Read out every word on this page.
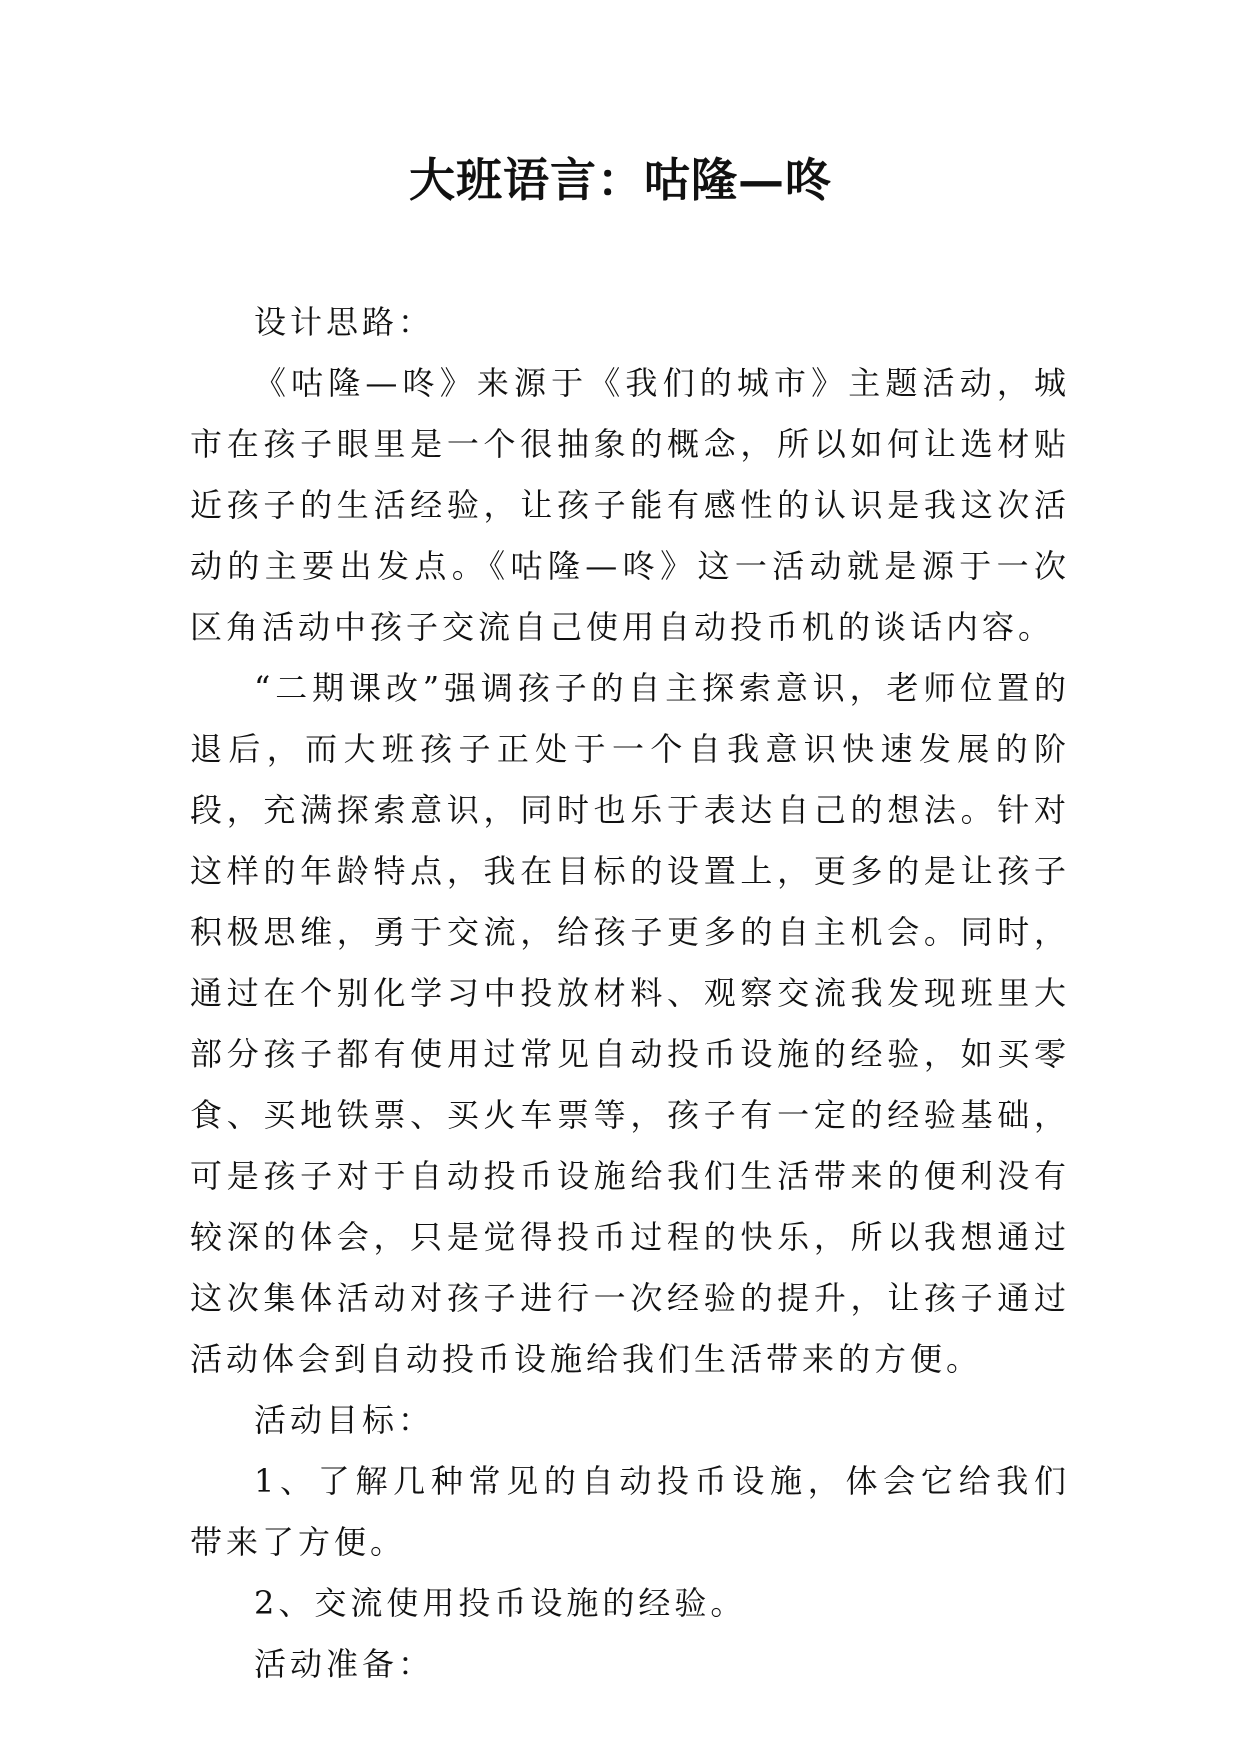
大班语言：咕隆—咚

设计思路：

《咕隆—咚》来源于《我们的城市》主题活动，城市在孩子眼里是一个很抽象的概念，所以如何让选材贴近孩子的生活经验，让孩子能有感性的认识是我这次活动的主要出发点。《咕隆—咚》这一活动就是源于一次区角活动中孩子交流自己使用自动投币机的谈话内容。

“二期课改”强调孩子的自主探索意识，老师位置的退后，而大班孩子正处于一个自我意识快速发展的阶段，充满探索意识，同时也乐于表达自己的想法。针对这样的年龄特点，我在目标的设置上，更多的是让孩子积极思维，勇于交流，给孩子更多的自主机会。同时，通过在个别化学习中投放材料、观察交流我发现班里大部分孩子都有使用过常见自动投币设施的经验，如买零食、买地铁票、买火车票等，孩子有一定的经验基础，可是孩子对于自动投币设施给我们生活带来的便利没有较深的体会，只是觉得投币过程的快乐，所以我想通过这次集体活动对孩子进行一次经验的提升，让孩子通过活动体会到自动投币设施给我们生活带来的方便。

活动目标：

1、了解几种常见的自动投币设施，体会它给我们带来了方便。

2、交流使用投币设施的经验。

活动准备：
